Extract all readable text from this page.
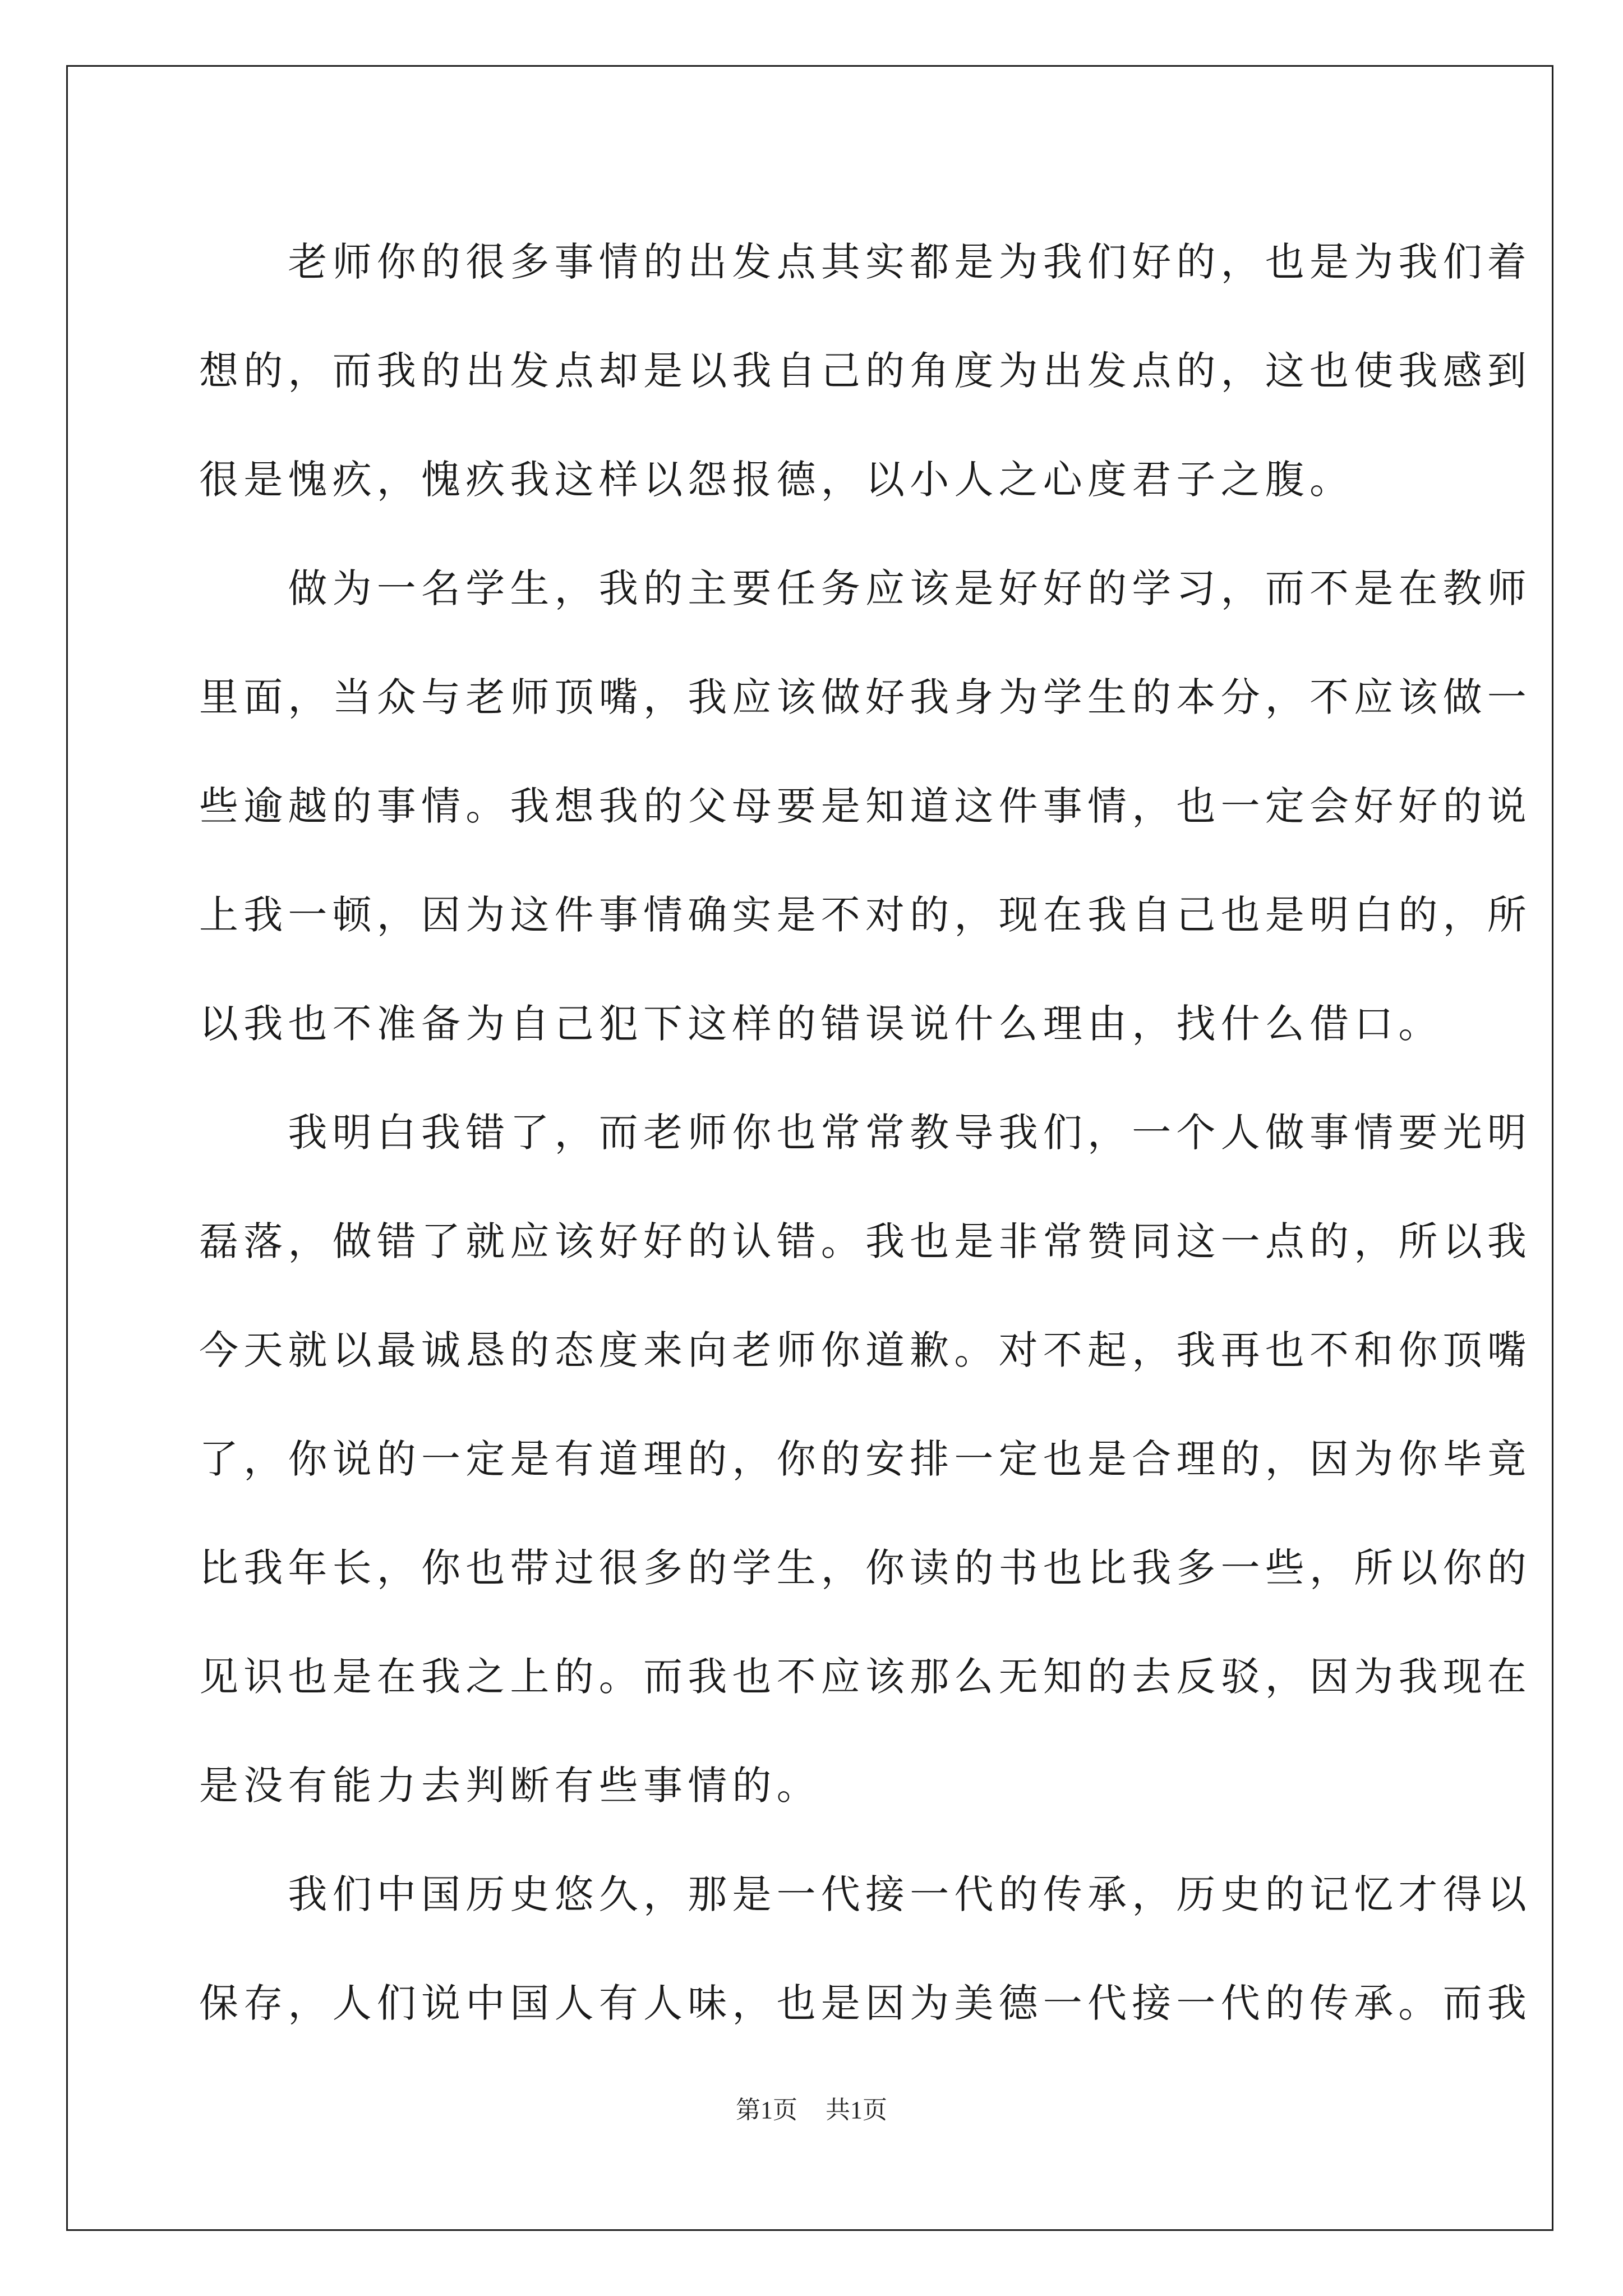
　　老师你的很多事情的出发点其实都是为我们好的，也是为我们着
想的，而我的出发点却是以我自己的角度为出发点的，这也使我感到
很是愧疚，愧疚我这样以怨报德，以小人之心度君子之腹。
　　做为一名学生，我的主要任务应该是好好的学习，而不是在教师
里面，当众与老师顶嘴，我应该做好我身为学生的本分，不应该做一
些逾越的事情。我想我的父母要是知道这件事情，也一定会好好的说
上我一顿，因为这件事情确实是不对的，现在我自己也是明白的，所
以我也不准备为自己犯下这样的错误说什么理由，找什么借口。
　　我明白我错了，而老师你也常常教导我们，一个人做事情要光明
磊落，做错了就应该好好的认错。我也是非常赞同这一点的，所以我
今天就以最诚恳的态度来向老师你道歉。对不起，我再也不和你顶嘴
了，你说的一定是有道理的，你的安排一定也是合理的，因为你毕竟
比我年长，你也带过很多的学生，你读的书也比我多一些，所以你的
见识也是在我之上的。而我也不应该那么无知的去反驳，因为我现在
是没有能力去判断有些事情的。
　　我们中国历史悠久，那是一代接一代的传承，历史的记忆才得以
保存，人们说中国人有人味，也是因为美德一代接一代的传承。而我
第1页 共1页
